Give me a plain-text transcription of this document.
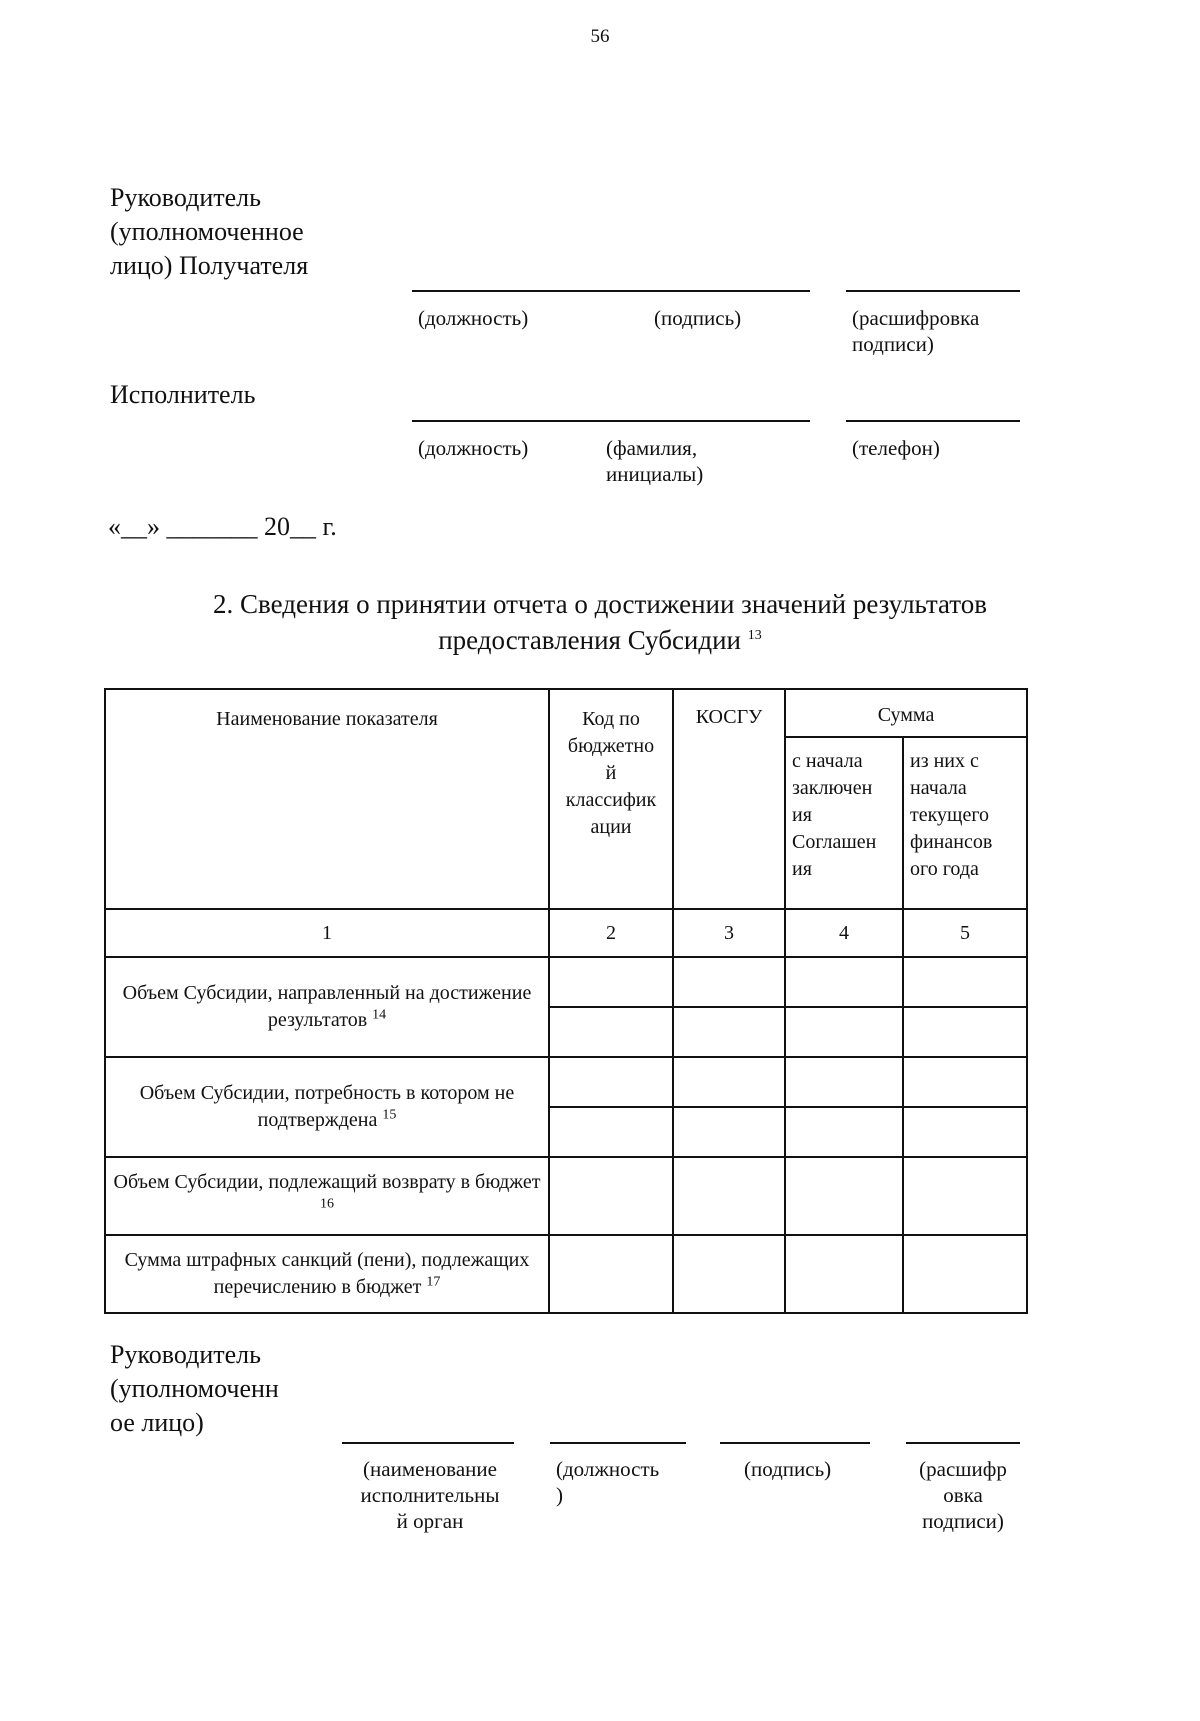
56
Руководитель
(уполномоченное
лицо) Получателя
(должность)	(подпись)	(расшифровка
подписи)
Исполнитель
(должность)	(фамилия,
инициалы)
(телефон)
«__» _______ 20__ г.
2. Сведения о принятии отчета о достижении значений результатов
предоставления Субсидии $^{13}$
Наименование показателя	Код по
бюджетно
й
классифик
ации	КОСГУ	Сумма	
			с начала
заключен
ия
Соглашен
ия	из них с
начала
текущего
финансов
ого года
1	2	3	4	5
Объем Субсидии, направленный на достижение результатов $^{14}$				

Объем Субсидии, потребность в котором не подтверждена $^{15}$				

Объем Субсидии, подлежащий возврату в бюджет $^{16}$				
Сумма штрафных санкций (пени), подлежащих перечислению в бюджет $^{17}$				
Руководитель
(уполномоченн
ое лицо)
(наименование
исполнительны
й орган
(должность
)
(подпись)	(расшифр
овка
подписи)
